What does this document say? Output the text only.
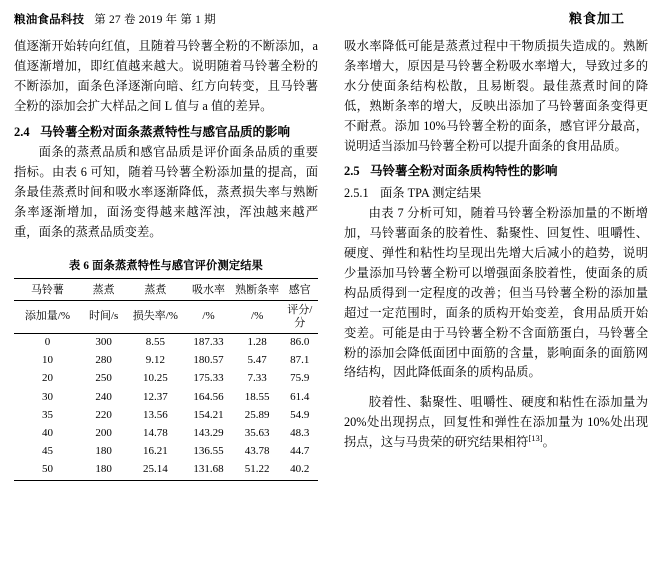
粮油食品科技 第 27 卷 2019 年 第 1 期	粮食加工

值逐渐开始转向红值，且随着马铃薯全粉的不断添加，a 值逐渐增加，即红值越来越大。说明随着马铃薯全粉的不断添加，面条色泽逐渐向暗、红方向转变，且马铃薯全粉的添加会扩大样品之间 L 值与 a 值的差异。

2.4 马铃薯全粉对面条蒸煮特性与感官品质的影响

面条的蒸煮品质和感官品质是评价面条品质的重要指标。由表 6 可知，随着马铃薯全粉添加量的提高，面条最佳蒸煮时间和吸水率逐渐降低，蒸煮损失率与熟断条率逐渐增加，面汤变得越来越浑浊，浑浊越来越严重，面条的蒸煮品质变差。

表 6 面条蒸煮特性与感官评价测定结果
马铃薯	蒸煮	蒸煮	吸水率	熟断条率	感官
添加量/%	时间/s	损失率/%	/%	/%	评分/分
0	300	8.55	187.33	1.28	86.0
10	280	9.12	180.57	5.47	87.1
20	250	10.25	175.33	7.33	75.9
30	240	12.37	164.56	18.55	61.4
35	220	13.56	154.21	25.89	54.9
40	200	14.78	143.29	35.63	48.3
45	180	16.21	136.55	43.78	44.7
50	180	25.14	131.68	51.22	40.2

吸水率降低可能是蒸煮过程中干物质损失造成的。熟断条率增大，原因是马铃薯全粉吸水率增大，导致过多的水分使面条结构松散，且易断裂。最佳蒸煮时间的降低，熟断条率的增大，反映出添加了马铃薯面条变得更不耐煮。添加 10%马铃薯全粉的面条，感官评分最高，说明适当添加马铃薯全粉可以提升面条的食用品质。

2.5 马铃薯全粉对面条质构特性的影响
2.5.1 面条 TPA 测定结果

由表 7 分析可知，随着马铃薯全粉添加量的不断增加，马铃薯面条的胶着性、黏聚性、回复性、咀嚼性、硬度、弹性和粘性均呈现出先增大后减小的趋势，说明少量添加马铃薯全粉可以增强面条胶着性，使面条的质构品质得到一定程度的改善；但当马铃薯全粉的添加量超过一定范围时，面条的质构开始变差，食用品质开始变差。可能是由于马铃薯全粉不含面筋蛋白，马铃薯全粉的添加会降低面团中面筋的含量，影响面条的面筋网络结构，因此降低面条的质构品质。

胶着性、黏聚性、咀嚼性、硬度和粘性在添加量为 20%处出现拐点，回复性和弹性在添加量为 10%处出现拐点，这与马贵荣的研究结果相符[13]。
